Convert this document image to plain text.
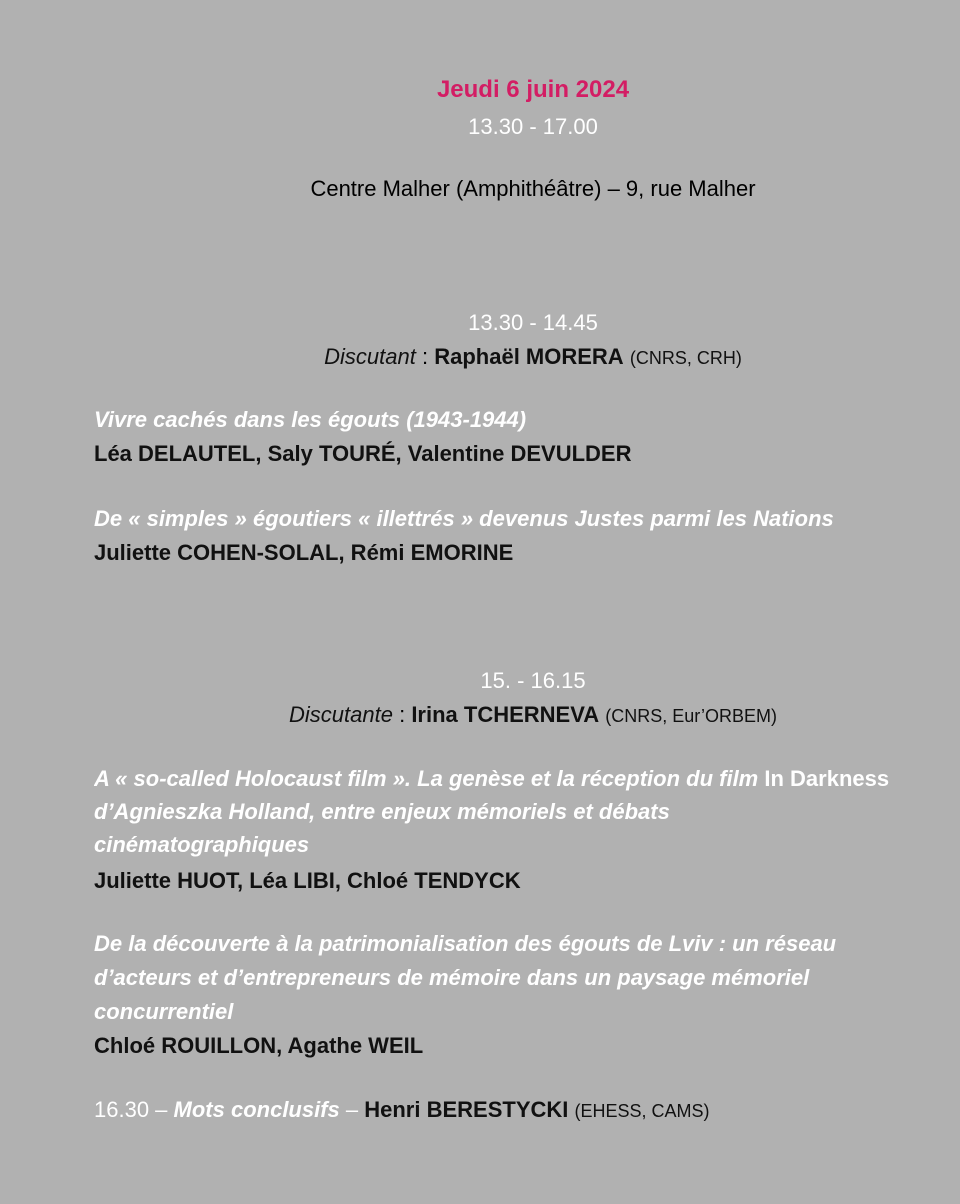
Jeudi 6 juin 2024
13.30 - 17.00
Centre Malher (Amphithéâtre) – 9, rue Malher
13.30 - 14.45
Discutant : Raphaël MORERA (CNRS, CRH)
Vivre cachés dans les égouts (1943-1944)
Léa DELAUTEL, Saly TOURÉ, Valentine DEVULDER
De « simples » égoutiers « illettrés » devenus Justes parmi les Nations
Juliette COHEN-SOLAL, Rémi EMORINE
15. - 16.15
Discutante : Irina TCHERNEVA (CNRS, Eur’ORBEM)
A « so-called Holocaust film ». La genèse et la réception du film In Darkness
d’Agnieszka Holland, entre enjeux mémoriels et débats
cinématographiques
Juliette HUOT, Léa LIBI, Chloé TENDYCK
De la découverte à la patrimonialisation des égouts de Lviv : un réseau
d’acteurs et d’entrepreneurs de mémoire dans un paysage mémoriel
concurrentiel
Chloé ROUILLON, Agathe WEIL
16.30 – Mots conclusifs – Henri BERESTYCKI (EHESS, CAMS)
